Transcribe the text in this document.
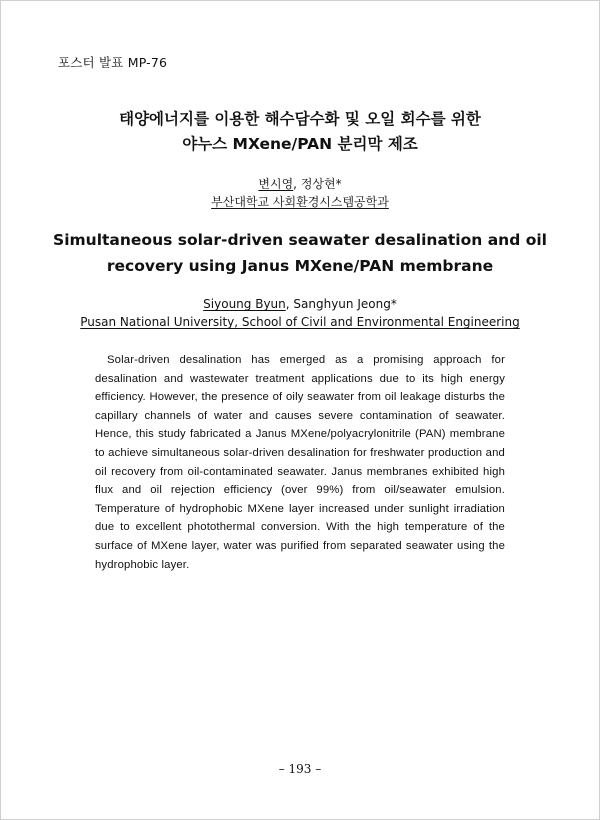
포스터 발표 MP-76
태양에너지를 이용한 해수담수화 및 오일 회수를 위한
야누스 MXene/PAN 분리막 제조
변시영, 정상현*
부산대학교 사회환경시스템공학과
Simultaneous solar-driven seawater desalination and oil
recovery using Janus MXene/PAN membrane
Siyoung Byun, Sanghyun Jeong*
Pusan National University, School of Civil and Environmental Engineering

Solar-driven desalination has emerged as a promising approach for desalination and wastewater treatment applications due to its high energy efficiency. However, the presence of oily seawater from oil leakage disturbs the capillary channels of water and causes severe contamination of seawater. Hence, this study fabricated a Janus MXene/polyacrylonitrile (PAN) membrane to achieve simultaneous solar-driven desalination for freshwater production and oil recovery from oil-contaminated seawater. Janus membranes exhibited high flux and oil rejection efficiency (over 99%) from oil/seawater emulsion. Temperature of hydrophobic MXene layer increased under sunlight irradiation due to excellent photothermal conversion. With the high temperature of the surface of MXene layer, water was purified from separated seawater using the hydrophobic layer.

– 193 –
